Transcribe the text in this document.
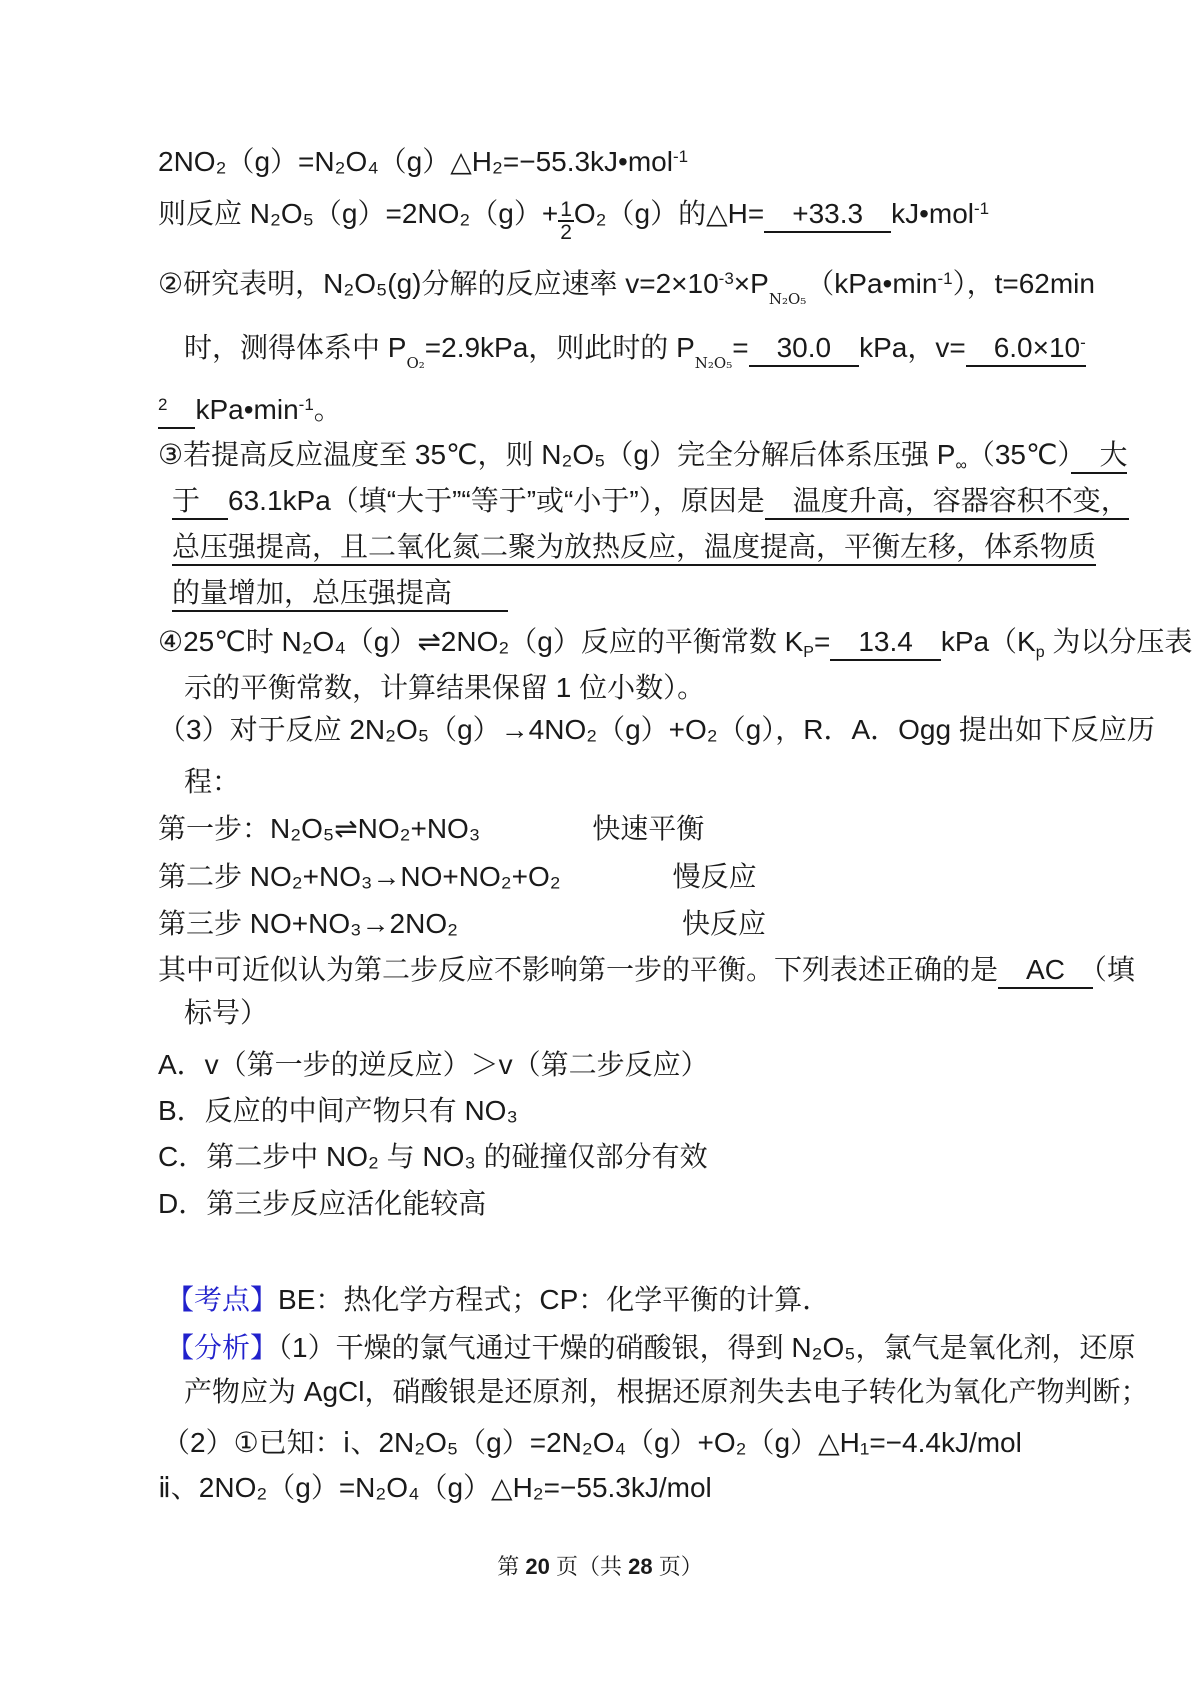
2NO₂（g）=N₂O₄（g）△H₂=−55.3kJ•mol$^{-1}$
则反应 $N_2O_5(g)=2NO_2(g)+ \frac{1}{2} O_2(g)$的△H=　+33.3　kJ•mol$^{-1}$
②研究表明，N₂O₅(g)分解的反应速率 $v=2\times 10^{-3}\times P_{N_2O_5}(kPa•\min^{-1})$，t=62min
时，测得体系中 $P_{O_2}=2.9kPa$，则此时的 $P_{N_2O_5}=$　30.0　kPa，v=　6.0×10-
$^2$　 $kPa•\min^{-1}$。
③若提高反应温度至 35℃，则 N₂O₅（g）完全分解后体系压强 $P_\infty(35℃)$　大
于　63.1kPa（填“大于”“等于”或“小于”），原因是　温度升高，容器容积不变，
总压强提高，且二氧化氮二聚为放热反应，温度提高，平衡左移，体系物质
的量增加，总压强提高　　
④25℃时 N₂O₄（g）⇌2NO₂（g）反应的平衡常数 $K_P=$　13.4　$kPa(K_p$ 为以分压表
示的平衡常数，计算结果保留 1 位小数）。
（3）对于反应 2N₂O₅（g）→4NO₂（g）+O₂（g），R．A．Ogg 提出如下反应历
程：
第一步：N₂O₅⇌NO₂+NO₃　　　　快速平衡
第二步 NO₂+NO₃→NO+NO₂+O₂　　　　慢反应
第三步 NO+NO₃→2NO₂　　　　　　　　快反应
其中可近似认为第二步反应不影响第一步的平衡。下列表述正确的是　AC　（填
标号）
A．v（第一步的逆反应）＞v（第二步反应）
B．反应的中间产物只有 NO₃
C．第二步中 NO₂ 与 NO₃ 的碰撞仅部分有效
D．第三步反应活化能较高
【考点】BE：热化学方程式；CP：化学平衡的计算．
【分析】（1）干燥的氯气通过干燥的硝酸银，得到 N₂O₅，氯气是氧化剂，还原
产物应为 AgCl，硝酸银是还原剂，根据还原剂失去电子转化为氧化产物判断；
（2）①已知：ⅰ、2N₂O₅（g）=2N₂O₄（g）+O₂（g）△H₁=−4.4kJ/mol
ⅱ、2NO₂（g）=N₂O₄（g）△H₂=−55.3kJ/mol
第 20 页（共 28 页）
